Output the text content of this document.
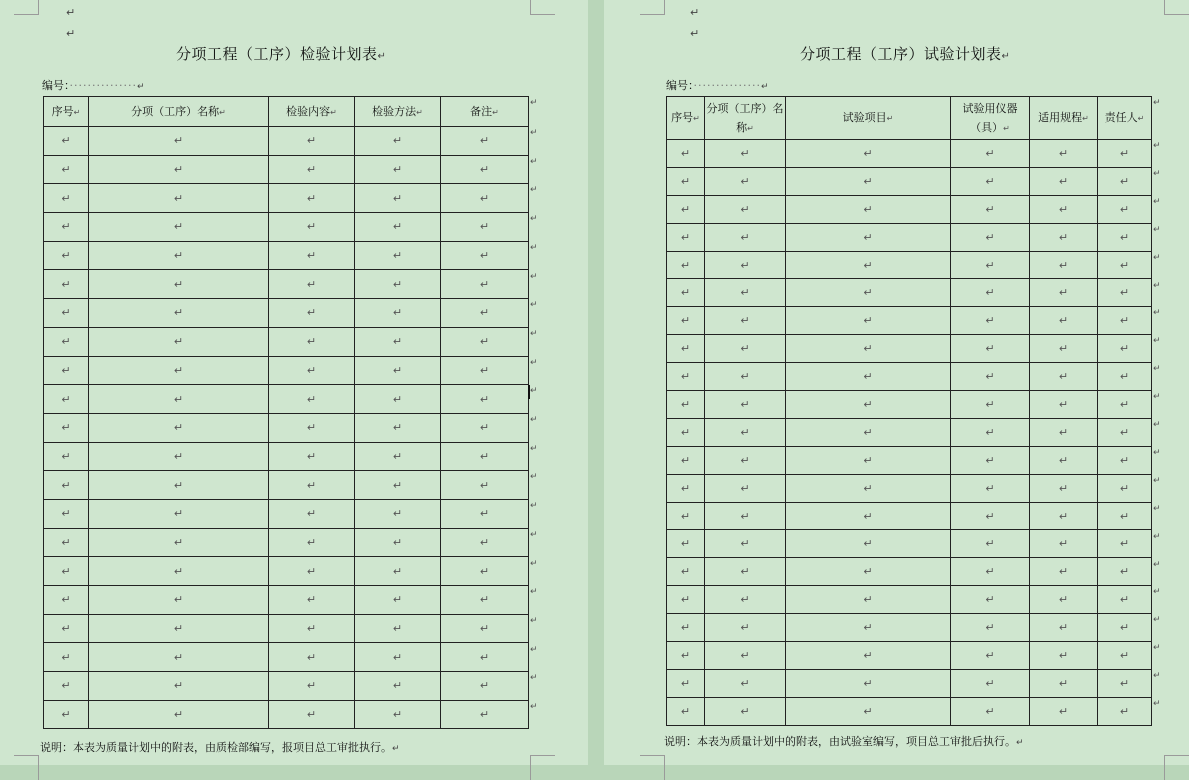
↵
↵
分项工程（工序）检验计划表↵
编号：···············↵
序号↵	分项（工序）名称↵	检验内容↵	检验方法↵	备注↵
↵	↵	↵	↵	↵
↵	↵	↵	↵	↵
↵	↵	↵	↵	↵
↵	↵	↵	↵	↵
↵	↵	↵	↵	↵
↵	↵	↵	↵	↵
↵	↵	↵	↵	↵
↵	↵	↵	↵	↵
↵	↵	↵	↵	↵
↵	↵	↵	↵	↵
↵	↵	↵	↵	↵
↵	↵	↵	↵	↵
↵	↵	↵	↵	↵
↵	↵	↵	↵	↵
↵	↵	↵	↵	↵
↵	↵	↵	↵	↵
↵	↵	↵	↵	↵
↵	↵	↵	↵	↵
↵	↵	↵	↵	↵
↵	↵	↵	↵	↵
↵	↵	↵	↵	↵
说明：本表为质量计划中的附表，由质检部编写，报项目总工审批执行。↵
↵
↵
↵
↵
↵
↵
↵
↵
↵
↵
↵
↵
↵
↵
↵
↵
↵
↵
↵
↵
↵
↵
↵
↵
分项工程（工序）试验计划表↵
编号：···············↵
序号↵	分项（工序）名称↵	试验项目↵	试验用仪器（具）↵	适用规程↵	责任人↵
↵	↵	↵	↵	↵	↵
↵	↵	↵	↵	↵	↵
↵	↵	↵	↵	↵	↵
↵	↵	↵	↵	↵	↵
↵	↵	↵	↵	↵	↵
↵	↵	↵	↵	↵	↵
↵	↵	↵	↵	↵	↵
↵	↵	↵	↵	↵	↵
↵	↵	↵	↵	↵	↵
↵	↵	↵	↵	↵	↵
↵	↵	↵	↵	↵	↵
↵	↵	↵	↵	↵	↵
↵	↵	↵	↵	↵	↵
↵	↵	↵	↵	↵	↵
↵	↵	↵	↵	↵	↵
↵	↵	↵	↵	↵	↵
↵	↵	↵	↵	↵	↵
↵	↵	↵	↵	↵	↵
↵	↵	↵	↵	↵	↵
↵	↵	↵	↵	↵	↵
↵	↵	↵	↵	↵	↵
说明：本表为质量计划中的附表，由试验室编写，项目总工审批后执行。↵
↵
↵
↵
↵
↵
↵
↵
↵
↵
↵
↵
↵
↵
↵
↵
↵
↵
↵
↵
↵
↵
↵
